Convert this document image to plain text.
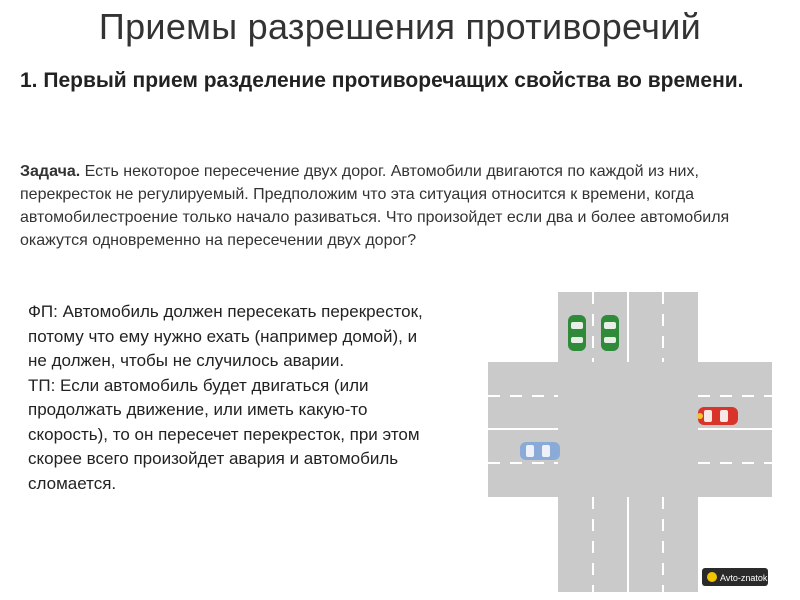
Приемы разрешения противоречий
1. Первый прием разделение противоречащих свойства во времени.
Задача. Есть некоторое пересечение двух дорог. Автомобили двигаются по каждой из них, перекресток не регулируемый. Предположим что эта ситуация относится к времени, когда автомобилестроение только начало разиваться. Что произойдет если два и более автомобиля окажутся одновременно на пересечении двух дорог?
Avto-znatok

ФП: Автомобиль должен пересекать перекресток, потому что ему нужно ехать (например домой), и не должен, чтобы не случилось аварии.

ТП: Если автомобиль будет двигаться (или продолжать движение, или иметь какую-то скорость), то он пересечет перекресток, при этом скорее всего произойдет авария и автомобиль сломается.
